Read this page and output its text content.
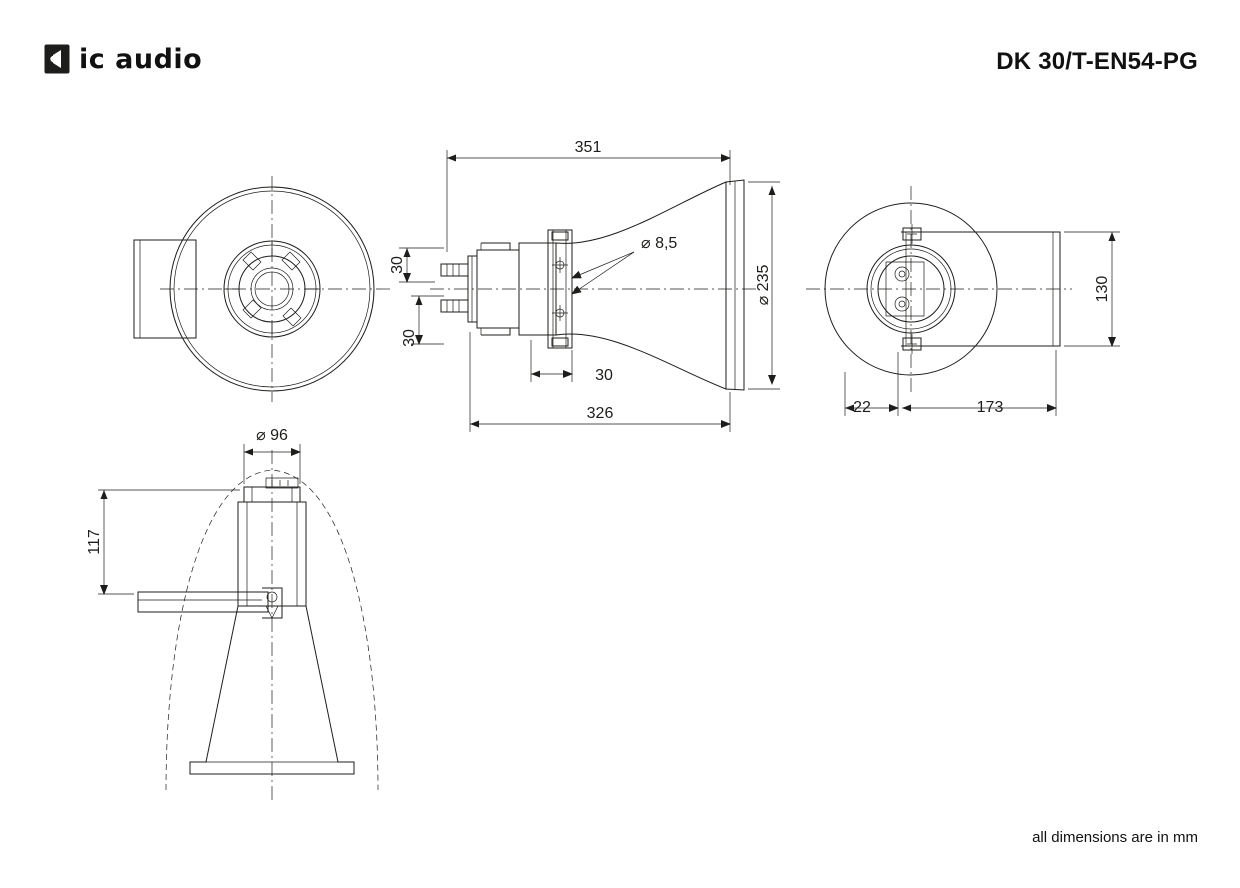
ic audio	DK 30/T-EN54-PG
all dimensions are in mm
351
326
30
30
30
⌀ 8,5
⌀ 235	130
22	173
⌀ 96
117
